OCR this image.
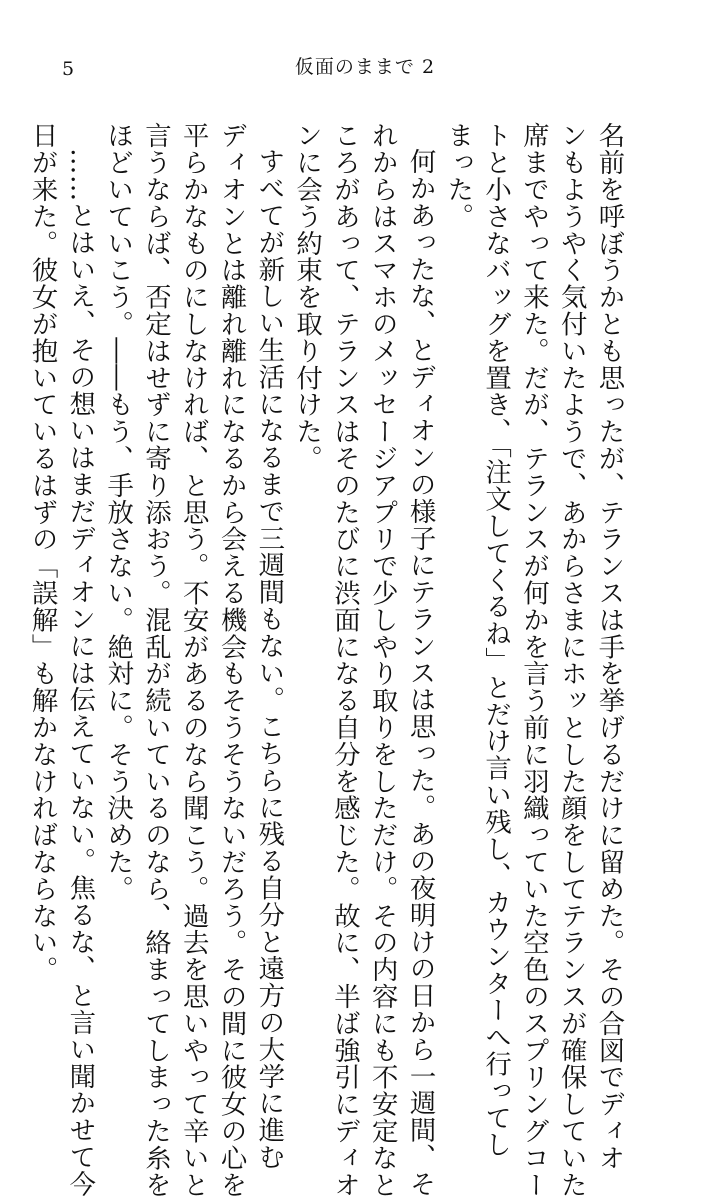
5	仮面のままで 2

名前を呼ぼうかとも思ったが、テランスは手を挙げるだけに留めた。その合図でディオ

ンもようやく気付いたようで、あからさまにホッとした顔をしてテランスが確保していた

席までやって来た。だが、テランスが何かを言う前に羽織っていた空色のスプリングコー

トと小さなバッグを置き、「注文してくるね」とだけ言い残し、カウンターへ行ってし

まった。

何かあったな、とディオンの様子にテランスは思った。あの夜明けの日から一週間、そ

れからはスマホのメッセージアプリで少しやり取りをしただけ。その内容にも不安定なと

ころがあって、テランスはそのたびに渋面になる自分を感じた。故に、半ば強引にディオ

ンに会う約束を取り付けた。

すべてが新しい生活になるまで三週間もない。こちらに残る自分と遠方の大学に進む

ディオンとは離れ離れになるから会える機会もそうそうないだろう。その間に彼女の心を

平らかなものにしなければ、と思う。不安があるのなら聞こう。過去を思いやって辛いと

言うならば、否定はせずに寄り添おう。混乱が続いているのなら、絡まってしまった糸を

ほどいていこう。――もう、手放さない。絶対に。そう決めた。

……とはいえ、その想いはまだディオンには伝えていない。焦るな、と言い聞かせて今

日が来た。彼女が抱いているはずの「誤解」も解かなければならない。
